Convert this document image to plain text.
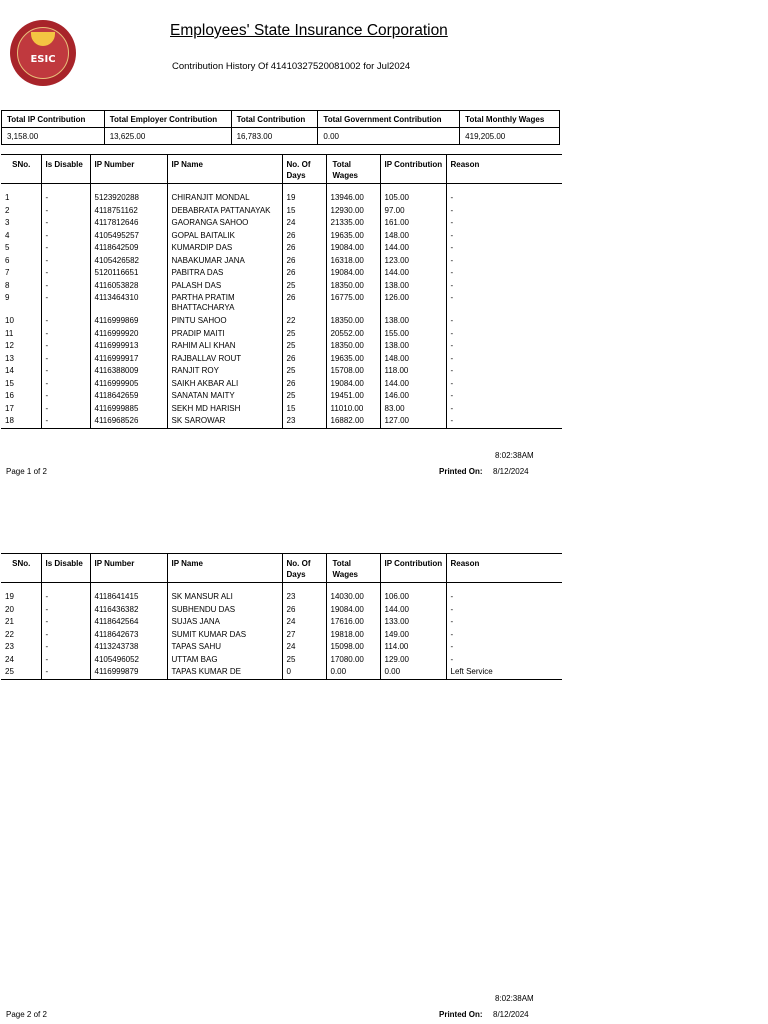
ESIC
Employees' State Insurance Corporation
Contribution History Of 41410327520081002 for Jul2024
Total IP Contribution	Total Employer Contribution	Total Contribution	Total Government Contribution	Total Monthly Wages
3,158.00	13,625.00	16,783.00	0.00	419,205.00
SNo.	Is Disable	IP Number	IP Name	No. Of Days	Total Wages	IP Contribution	Reason

1	-	5123920288	CHIRANJIT MONDAL	19	13946.00	105.00	-
2	-	4118751162	DEBABRATA PATTANAYAK	15	12930.00	97.00	-
3	-	4117812646	GAORANGA SAHOO	24	21335.00	161.00	-
4	-	4105495257	GOPAL BAITALIK	26	19635.00	148.00	-
5	-	4118642509	KUMARDIP DAS	26	19084.00	144.00	-
6	-	4105426582	NABAKUMAR JANA	26	16318.00	123.00	-
7	-	5120116651	PABITRA DAS	26	19084.00	144.00	-
8	-	4116053828	PALASH DAS	25	18350.00	138.00	-
9	-	4113464310	PARTHA PRATIM BHATTACHARYA	26	16775.00	126.00	-
10	-	4116999869	PINTU SAHOO	22	18350.00	138.00	-
11	-	4116999920	PRADIP MAITI	25	20552.00	155.00	-
12	-	4116999913	RAHIM ALI KHAN	25	18350.00	138.00	-
13	-	4116999917	RAJBALLAV ROUT	26	19635.00	148.00	-
14	-	4116388009	RANJIT ROY	25	15708.00	118.00	-
15	-	4116999905	SAIKH AKBAR ALI	26	19084.00	144.00	-
16	-	4118642659	SANATAN MAITY	25	19451.00	146.00	-
17	-	4116999885	SEKH MD HARISH	15	11010.00	83.00	-
18	-	4116968526	SK SAROWAR	23	16882.00	127.00	-
8:02:38AM
Page 1 of 2	Printed On: 8/12/2024
SNo.	Is Disable	IP Number	IP Name	No. Of Days	Total Wages	IP Contribution	Reason

19	-	4118641415	SK MANSUR ALI	23	14030.00	106.00	-
20	-	4116436382	SUBHENDU DAS	26	19084.00	144.00	-
21	-	4118642564	SUJAS JANA	24	17616.00	133.00	-
22	-	4118642673	SUMIT KUMAR DAS	27	19818.00	149.00	-
23	-	4113243738	TAPAS SAHU	24	15098.00	114.00	-
24	-	4105496052	UTTAM BAG	25	17080.00	129.00	-
25	-	4116999879	TAPAS KUMAR DE	0	0.00	0.00	Left Service
8:02:38AM
Page 2 of 2	Printed On: 8/12/2024
